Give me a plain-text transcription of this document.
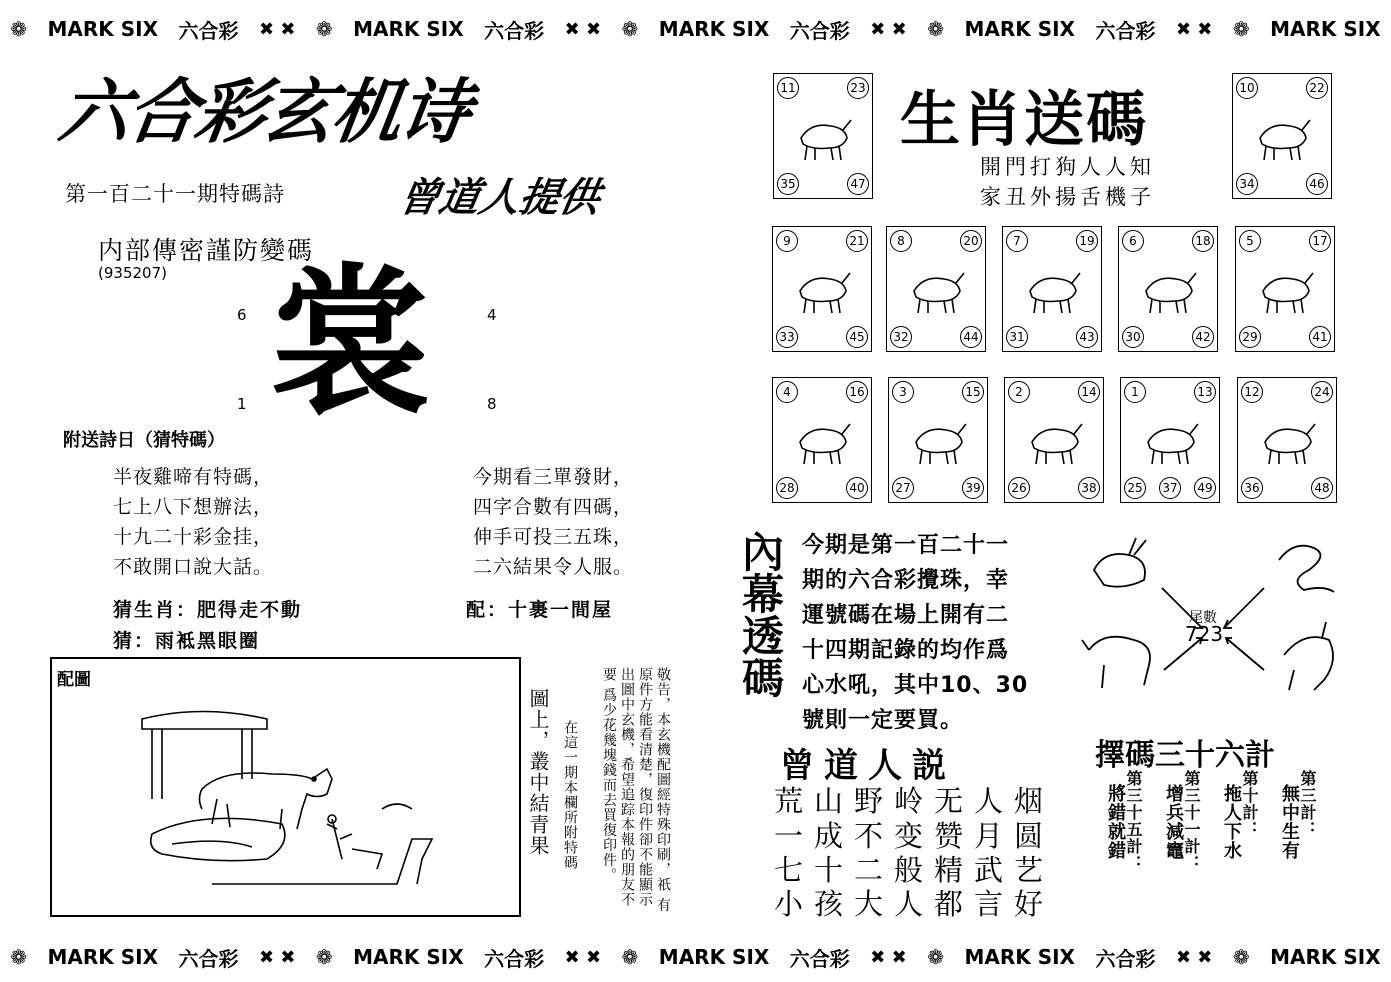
❁ MARK SIX 六合彩 ✖ ✖ ❁ MARK SIX 六合彩 ✖ ✖ ❁ MARK SIX 六合彩 ✖ ✖ ❁ MARK SIX 六合彩 ✖ ✖ ❁ MARK SIX
❁ MARK SIX 六合彩 ✖ ✖ ❁ MARK SIX 六合彩 ✖ ✖ ❁ MARK SIX 六合彩 ✖ ✖ ❁ MARK SIX 六合彩 ✖ ✖ ❁ MARK SIX
六合彩玄机诗
第一百二十一期特碼詩	曾道人提供
内部傳密謹防變碼
(935207) 裳
6	4
1	8
附送詩日（猜特碼）
半夜雞啼有特碼，
七上八下想辦法，
十九二十彩金挂，
不敢開口說大話。
今期看三單發財，
四字合數有四碼，
伸手可投三五珠，
二六結果令人服。
猜生肖：肥得走不動	配：十裹一間屋
猜：雨袛黑眼圈
配圖
圖上，叢中結青果 在這一期本欄所附特碼	敬告，本玄機配圖經特殊印刷，祇 有原件方能看清楚，復印件卻不能顯示 出圖中玄機，希望追踪本報的朋友不要 爲少花幾塊錢而去買復印件。
生肖送碼
開門打狗人人知
家丑外揚舌機子
11	23
35	47
10	22
34	46
9	21
33	45
8	20
32	44
7	19
31	43
6	18
30	42
5	17
29	41
4	16
28	40
3	15
27	39
2	14
26	38
1	13
25	49
37
12	24
36	48
內幕透碼 今期是第一百二十一
期的六合彩攪珠，幸
運號碼在場上開有二
十四期記錄的均作爲
心水吼，其中10、30
號則一定要買。
尾數
723
曾道人説
荒山野岭无人烟
一成不变赞月圆
七十二般精武艺
小孩大人都言好
擇碼三十六計
第三計：
無中生有
第十計：
拖人下水
第三十一計：
增兵減竈
第三十五計：
將錯就錯
